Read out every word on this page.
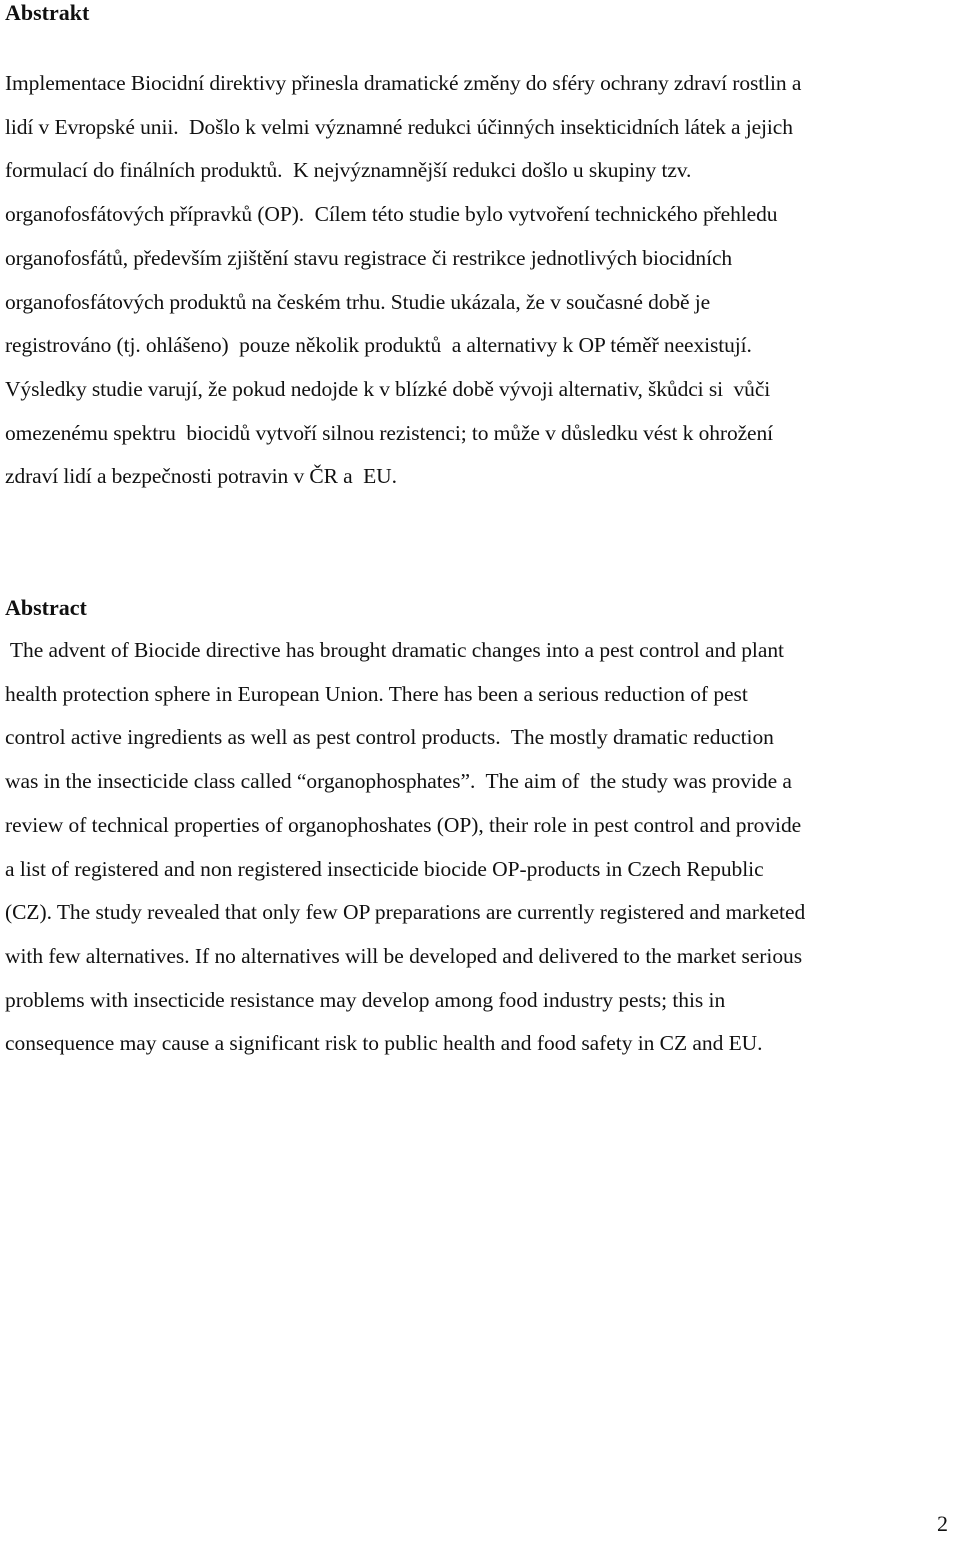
Abstrakt
Implementace Biocidní direktivy přinesla dramatické změny do sféry ochrany zdraví rostlin a
lidí v Evropské unii.  Došlo k velmi významné redukci účinných insekticidních látek a jejich
formulací do finálních produktů.  K nejvýznamnější redukci došlo u skupiny tzv.
organofosfátových přípravků (OP).  Cílem této studie bylo vytvoření technického přehledu
organofosfátů, především zjištění stavu registrace či restrikce jednotlivých biocidních
organofosfátových produktů na českém trhu. Studie ukázala, že v současné době je
registrováno (tj. ohlášeno)  pouze několik produktů  a alternativy k OP téměř neexistují.
Výsledky studie varují, že pokud nedojde k v blízké době vývoji alternativ, škůdci si  vůči
omezenému spektru  biocidů vytvoří silnou rezistenci; to může v důsledku vést k ohrožení
zdraví lidí a bezpečnosti potravin v ČR a  EU.
Abstract
The advent of Biocide directive has brought dramatic changes into a pest control and plant
health protection sphere in European Union. There has been a serious reduction of pest
control active ingredients as well as pest control products.  The mostly dramatic reduction
was in the insecticide class called “organophosphates”.  The aim of  the study was provide a
review of technical properties of organophoshates (OP), their role in pest control and provide
a list of registered and non registered insecticide biocide OP-products in Czech Republic
(CZ). The study revealed that only few OP preparations are currently registered and marketed
with few alternatives. If no alternatives will be developed and delivered to the market serious
problems with insecticide resistance may develop among food industry pests; this in
consequence may cause a significant risk to public health and food safety in CZ and EU.
2
